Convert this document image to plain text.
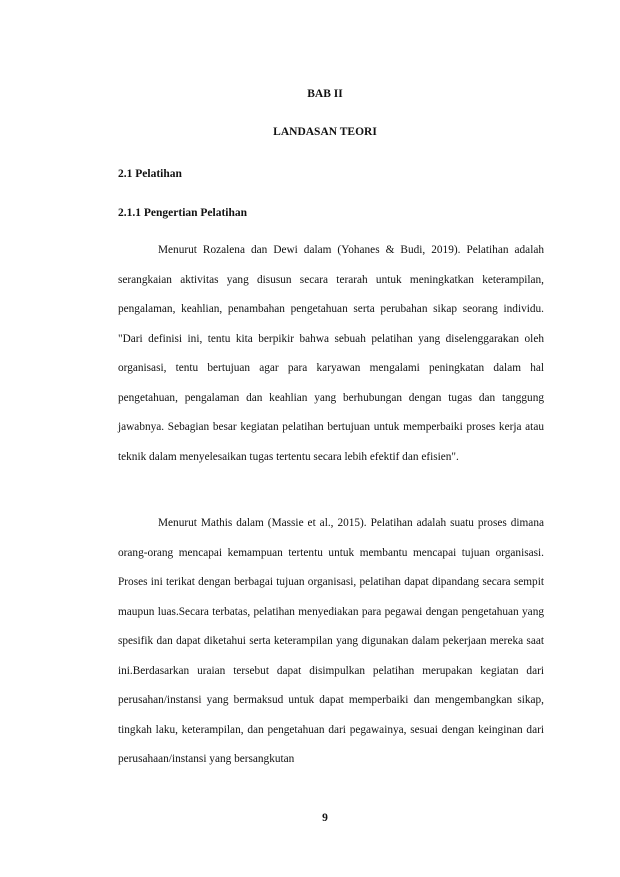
BAB II

LANDASAN TEORI

2.1 Pelatihan

2.1.1 Pengertian Pelatihan

Menurut Rozalena dan Dewi dalam (Yohanes & Budi, 2019). Pelatihan adalah serangkaian aktivitas yang disusun secara terarah untuk meningkatkan keterampilan, pengalaman, keahlian, penambahan pengetahuan serta perubahan sikap seorang individu. "Dari definisi ini, tentu kita berpikir bahwa sebuah pelatihan yang diselenggarakan oleh organisasi, tentu bertujuan agar para karyawan mengalami peningkatan dalam hal pengetahuan, pengalaman dan keahlian yang berhubungan dengan tugas dan tanggung jawabnya. Sebagian besar kegiatan pelatihan bertujuan untuk memperbaiki proses kerja atau teknik dalam menyelesaikan tugas tertentu secara lebih efektif dan efisien".

Menurut Mathis dalam (Massie et al., 2015). Pelatihan adalah suatu proses dimana orang-orang mencapai kemampuan tertentu untuk membantu mencapai tujuan organisasi. Proses ini terikat dengan berbagai tujuan organisasi, pelatihan dapat dipandang secara sempit maupun luas.Secara terbatas, pelatihan menyediakan para pegawai dengan pengetahuan yang spesifik dan dapat diketahui serta keterampilan yang digunakan dalam pekerjaan mereka saat ini.Berdasarkan uraian tersebut dapat disimpulkan pelatihan merupakan kegiatan dari perusahan/instansi yang bermaksud untuk dapat memperbaiki dan mengembangkan sikap, tingkah laku, keterampilan, dan pengetahuan dari pegawainya, sesuai dengan keinginan dari perusahaan/instansi yang bersangkutan

9
